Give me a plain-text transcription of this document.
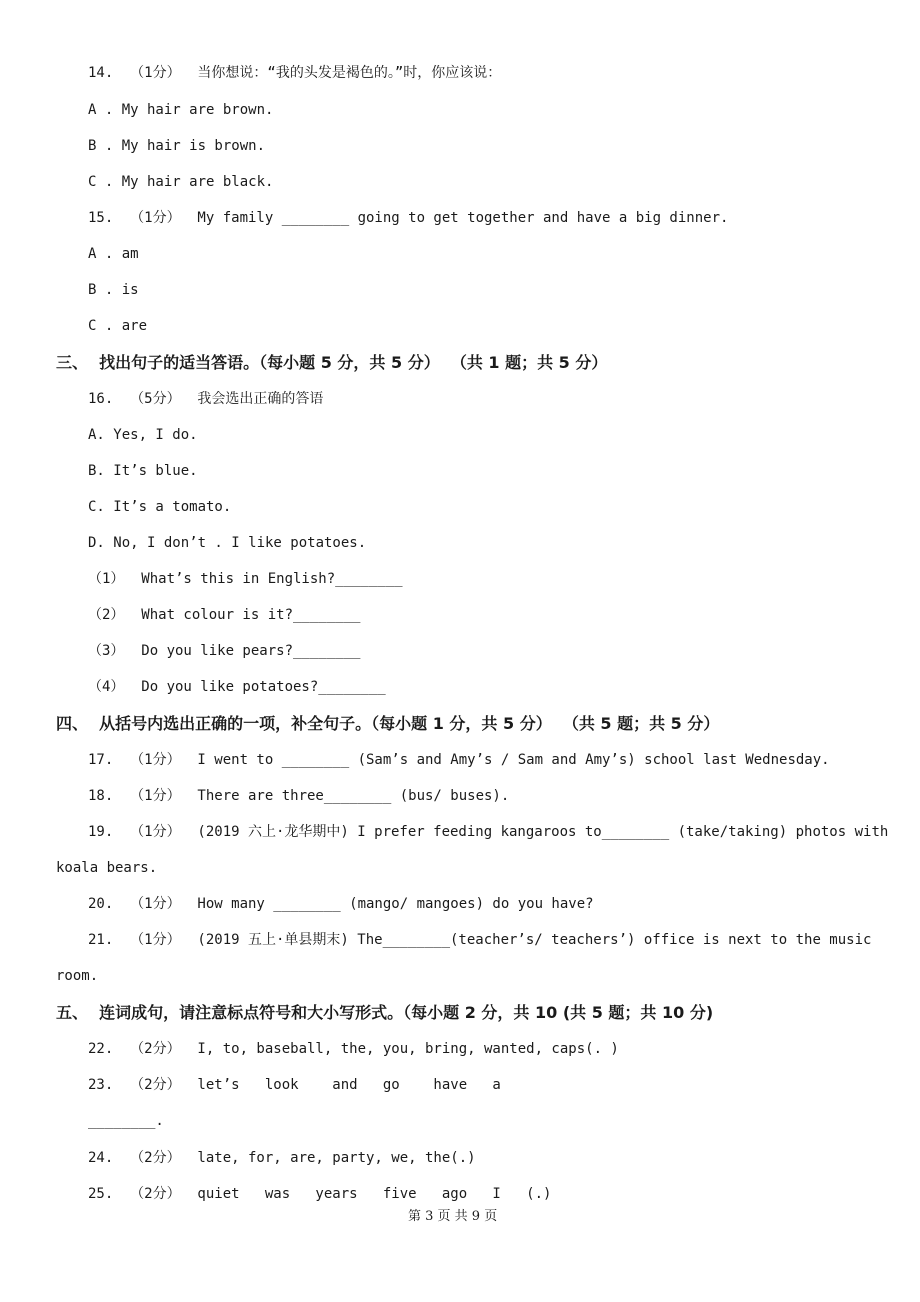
14.  （1分）  当你想说：“我的头发是褐色的。”时，你应该说：
A . My hair are brown.
B . My hair is brown.
C . My hair are black.
15.  （1分）  My family ________ going to get together and have a big dinner.
A . am
B . is
C . are
三、  找出句子的适当答语。（每小题 5 分，共 5 分）  （共 1 题；共 5 分）
16.  （5分）  我会选出正确的答语
A. Yes, I do.
B. It’s blue.
C. It’s a tomato.
D. No, I don’t . I like potatoes.
（1）  What’s this in English?________
（2）  What colour is it?________
（3）  Do you like pears?________
（4）  Do you like potatoes?________
四、  从括号内选出正确的一项，补全句子。（每小题 1 分，共 5 分）  （共 5 题；共 5 分）
17.  （1分）  I went to ________ (Sam’s and Amy’s / Sam and Amy’s) school last Wednesday.
18.  （1分）  There are three________ (bus/ buses).
19.  （1分）  (2019 六上·龙华期中) I prefer feeding kangaroos to________ (take/taking) photos with
koala bears.
20.  （1分）  How many ________ (mango/ mangoes) do you have?
21.  （1分）  (2019 五上·单县期末) The________(teacher’s/ teachers’) office is next to the music
room.
五、  连词成句，请注意标点符号和大小写形式。（每小题 2 分，共 10 (共 5 题；共 10 分)
22.  （2分）  I, to, baseball, the, you, bring, wanted, caps(. )
23.  （2分）  let’s   look    and   go    have   a
________.
24.  （2分）  late, for, are, party, we, the(.)
25.  （2分）  quiet   was   years   five   ago   I   (.)
第 3 页 共 9 页
